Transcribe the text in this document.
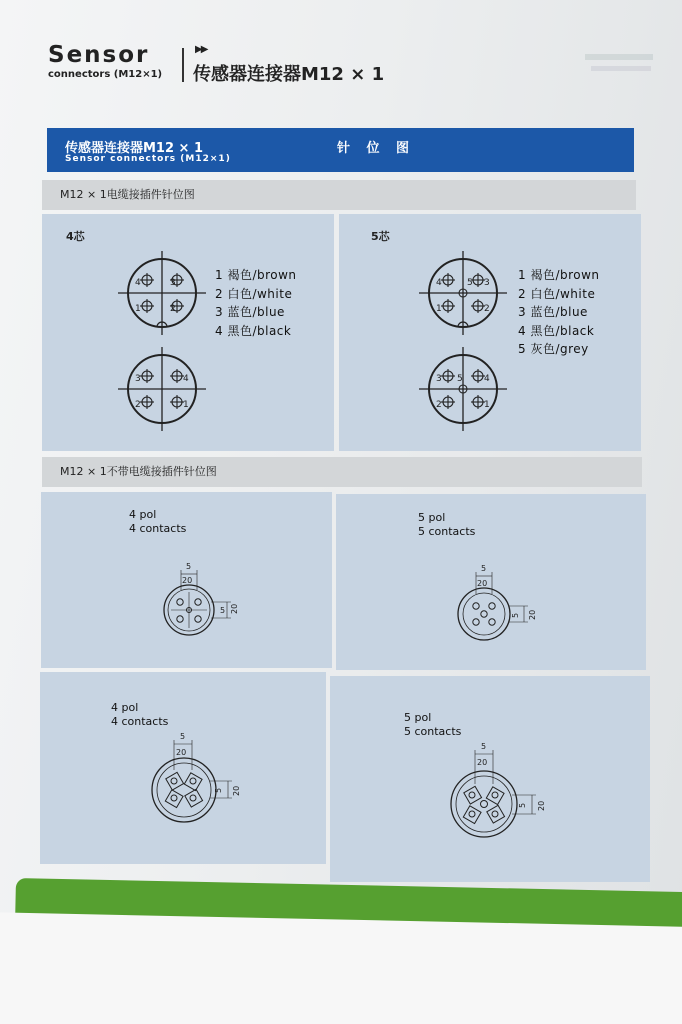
Sensor
connectors (M12×1)
▶▶
传感器连接器M12 × 1
传感器连接器M12 × 1
Sensor connectors (M12×1)
针 位 图
M12 × 1电缆接插件针位图
4芯
4	3
1	2
3	4
2	1
1 褐色/brown
2 白色/white
3 蓝色/blue
4 黑色/black
5芯
4	5 3
1	2
3 5 4
2	1
1 褐色/brown
2 白色/white
3 蓝色/blue
4 黑色/black
5 灰色/grey
M12 × 1不带电缆接插件针位图
4 pol
4 contacts
5
20
5 20
5 pol
5 contacts
5
20
5 20
4 pol
4 contacts
5
20
5 20
5 pol
5 contacts
5
20
5 20
